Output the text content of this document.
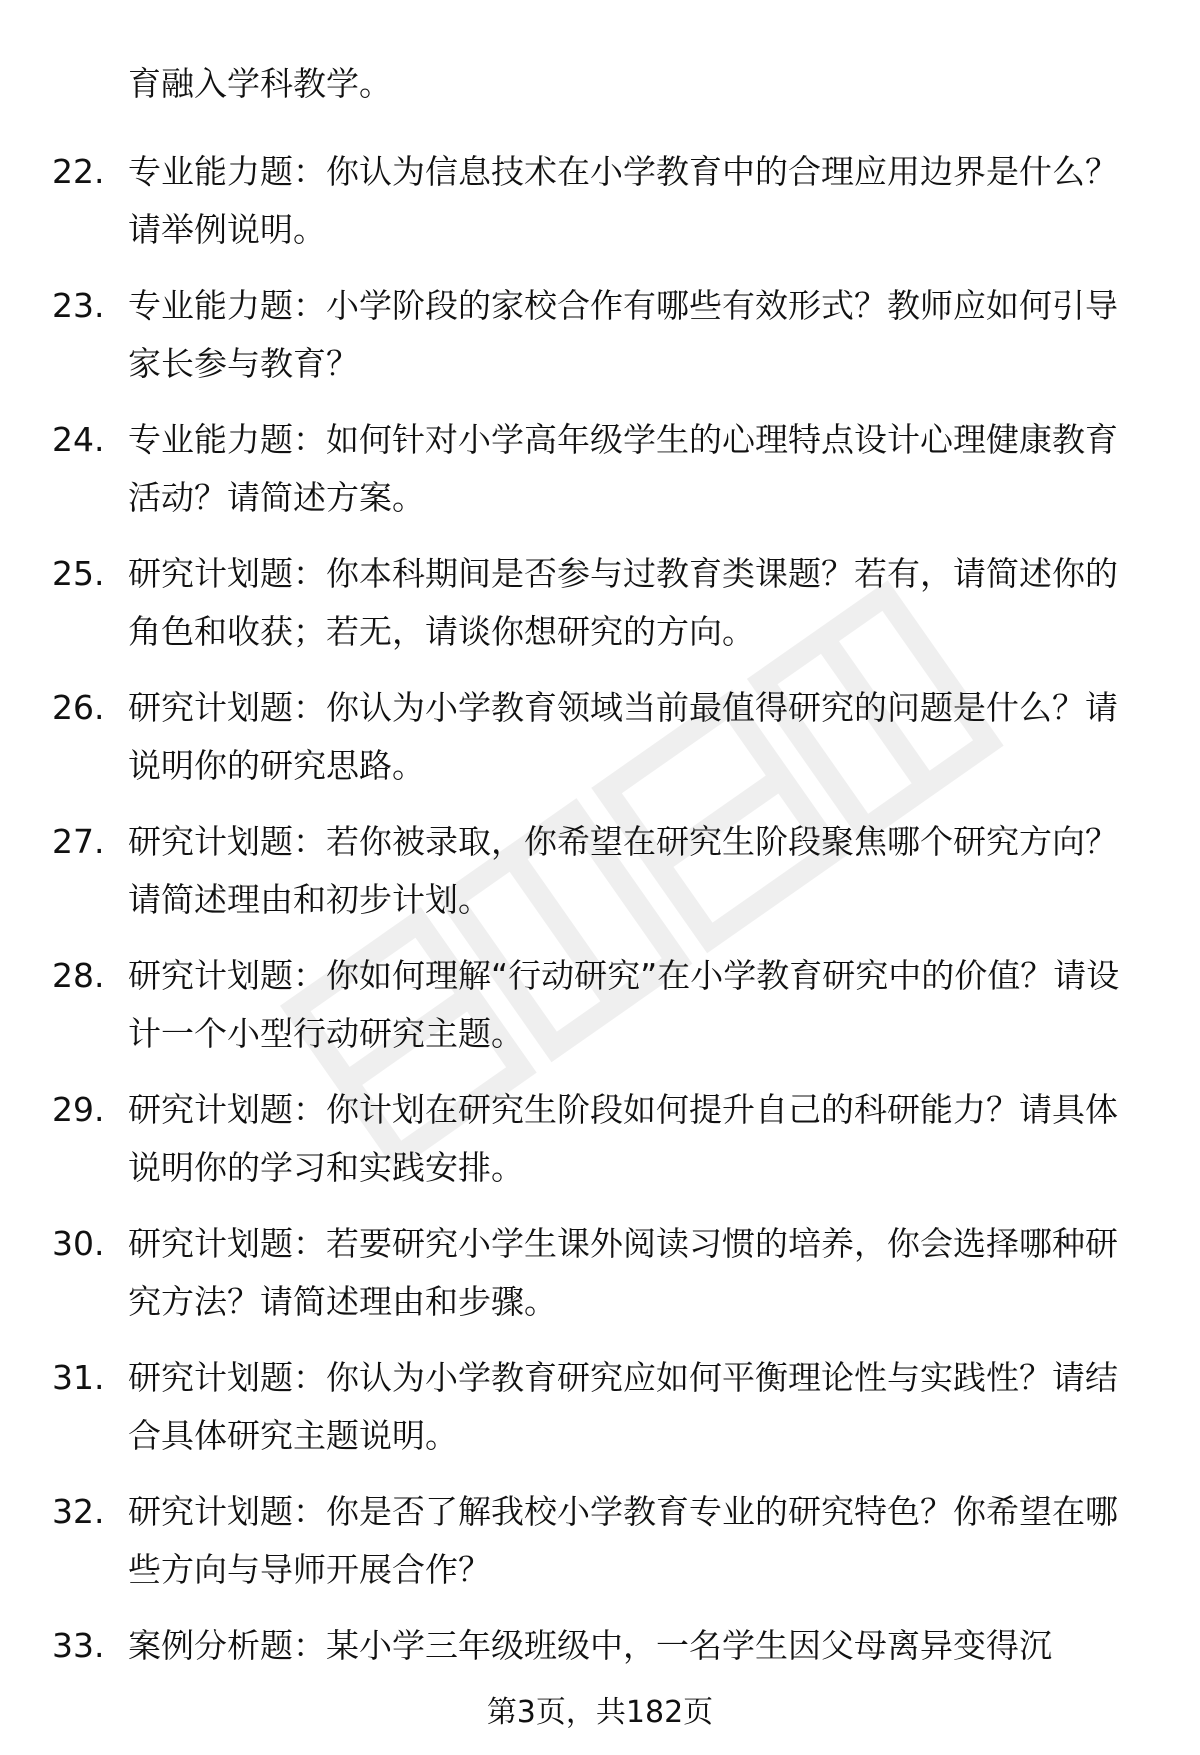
育融入学科教学。

22. 专业能力题：你认为信息技术在小学教育中的合理应用边界是什么？请举例说明。
23. 专业能力题：小学阶段的家校合作有哪些有效形式？教师应如何引导家长参与教育？
24. 专业能力题：如何针对小学高年级学生的心理特点设计心理健康教育活动？请简述方案。
25. 研究计划题：你本科期间是否参与过教育类课题？若有，请简述你的角色和收获；若无，请谈你想研究的方向。
26. 研究计划题：你认为小学教育领域当前最值得研究的问题是什么？请说明你的研究思路。
27. 研究计划题：若你被录取，你希望在研究生阶段聚焦哪个研究方向？请简述理由和初步计划。
28. 研究计划题：你如何理解“行动研究”在小学教育研究中的价值？请设计一个小型行动研究主题。
29. 研究计划题：你计划在研究生阶段如何提升自己的科研能力？请具体说明你的学习和实践安排。
30. 研究计划题：若要研究小学生课外阅读习惯的培养，你会选择哪种研究方法？请简述理由和步骤。
31. 研究计划题：你认为小学教育研究应如何平衡理论性与实践性？请结合具体研究主题说明。
32. 研究计划题：你是否了解我校小学教育专业的研究特色？你希望在哪些方向与导师开展合作？
33. 案例分析题：某小学三年级班级中，一名学生因父母离异变得沉
第3页，共182页
